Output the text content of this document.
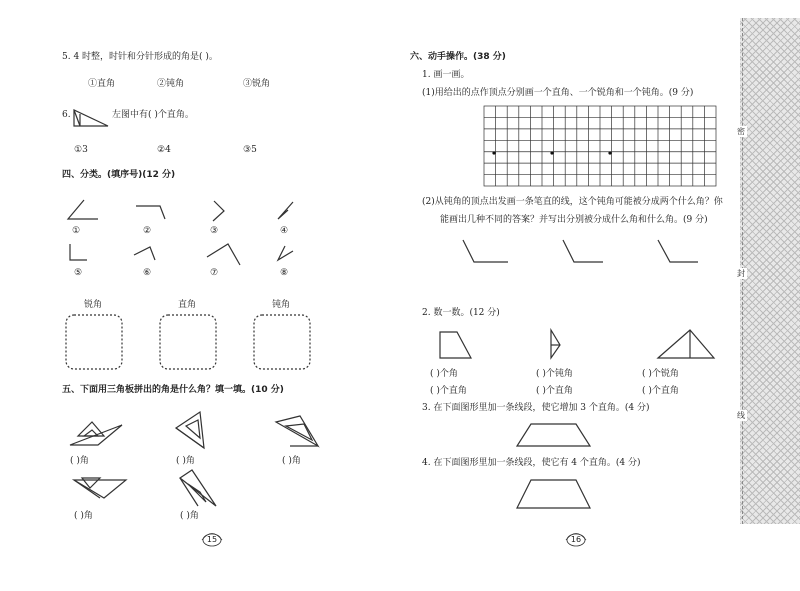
密
封
线
5. 4 时整，时针和分针形成的角是( )。
①直角	②钝角	③锐角
6.	左图中有( )个直角。
①3	②4	③5
四、分类。(填序号)(12 分)
①	②	③	④
⑤	⑥	⑦	⑧
锐角	直角	钝角
五、下面用三角板拼出的角是什么角？填一填。(10 分)
( )角	( )角	( )角
( )角	( )角
15
六、动手操作。(38 分)
1. 画一画。
(1)用给出的点作顶点分别画一个直角、一个锐角和一个钝角。(9 分)
(2)从钝角的顶点出发画一条笔直的线，这个钝角可能被分成两个什么角？你
能画出几种不同的答案？并写出分别被分成什么角和什么角。(9 分)
2. 数一数。(12 分)
( )个角	( )个钝角	( )个锐角
( )个直角	( )个直角	( )个直角
3. 在下面图形里加一条线段，使它增加 3 个直角。(4 分)
4. 在下面图形里加一条线段，使它有 4 个直角。(4 分)
16
